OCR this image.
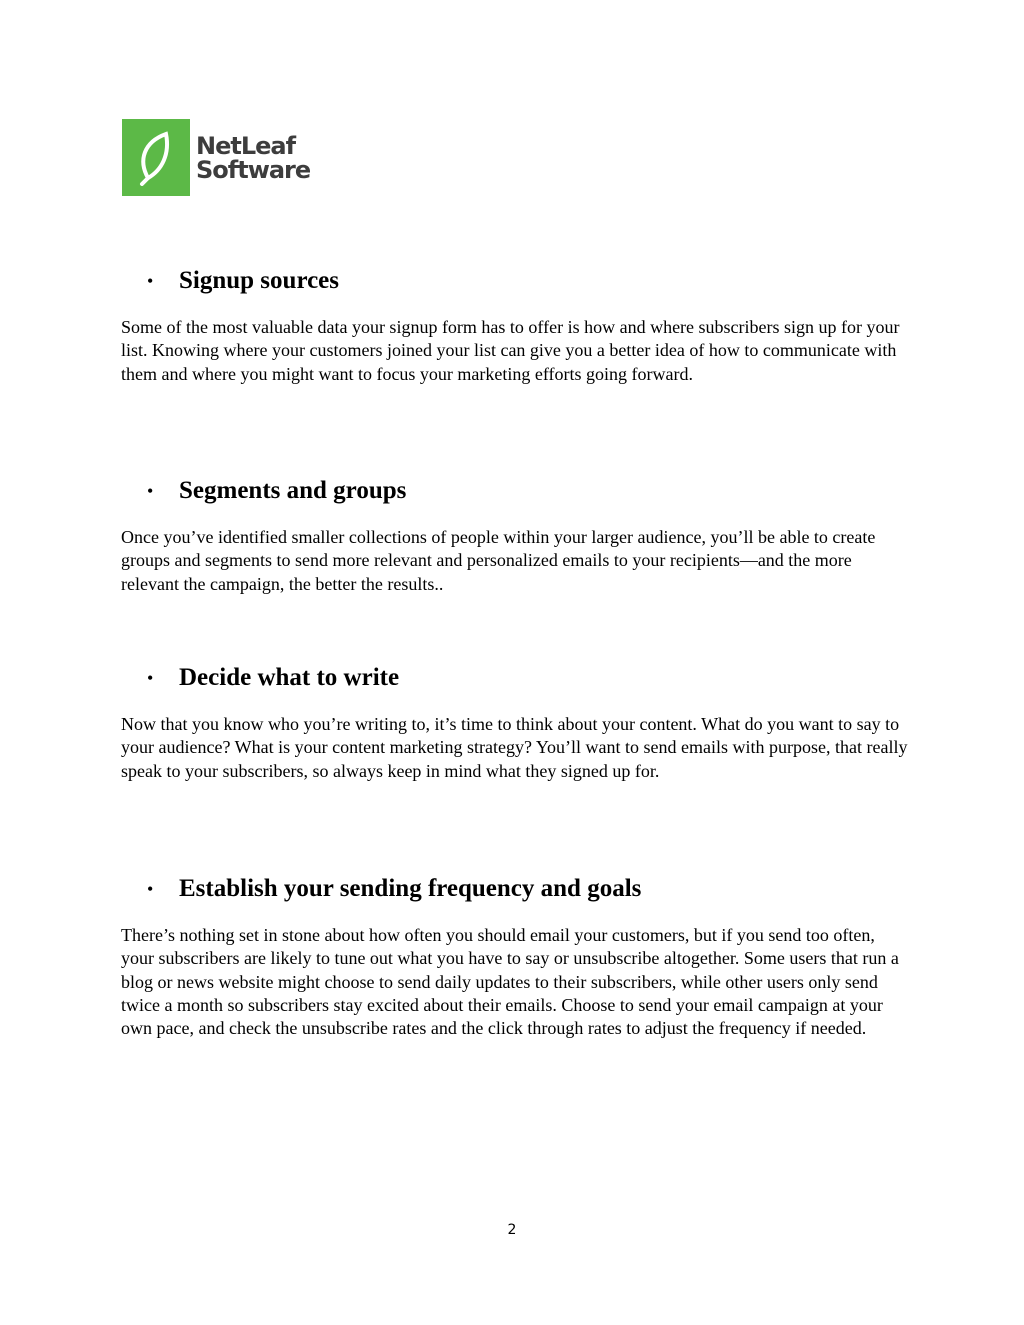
NetLeaf
Software
•	Signup sources

Some of the most valuable data your signup form has to offer is how and where subscribers sign up for your list. Knowing where your customers joined your list can give you a better idea of how to communicate with them and where you might want to focus your marketing efforts going forward.

•	Segments and groups

Once you’ve identified smaller collections of people within your larger audience, you’ll be able to create groups and segments to send more relevant and personalized emails to your recipients—and the more relevant the campaign, the better the results..

•	Decide what to write

Now that you know who you’re writing to, it’s time to think about your content. What do you want to say to your audience? What is your content marketing strategy? You’ll want to send emails with purpose, that really speak to your subscribers, so always keep in mind what they signed up for.

•	Establish your sending frequency and goals

There’s nothing set in stone about how often you should email your customers, but if you send too often, your subscribers are likely to tune out what you have to say or unsubscribe altogether. Some users that run a blog or news website might choose to send daily updates to their subscribers, while other users only send twice a month so subscribers stay excited about their emails. Choose to send your email campaign at your own pace, and check the unsubscribe rates and the click through rates to adjust the frequency if needed.

2
